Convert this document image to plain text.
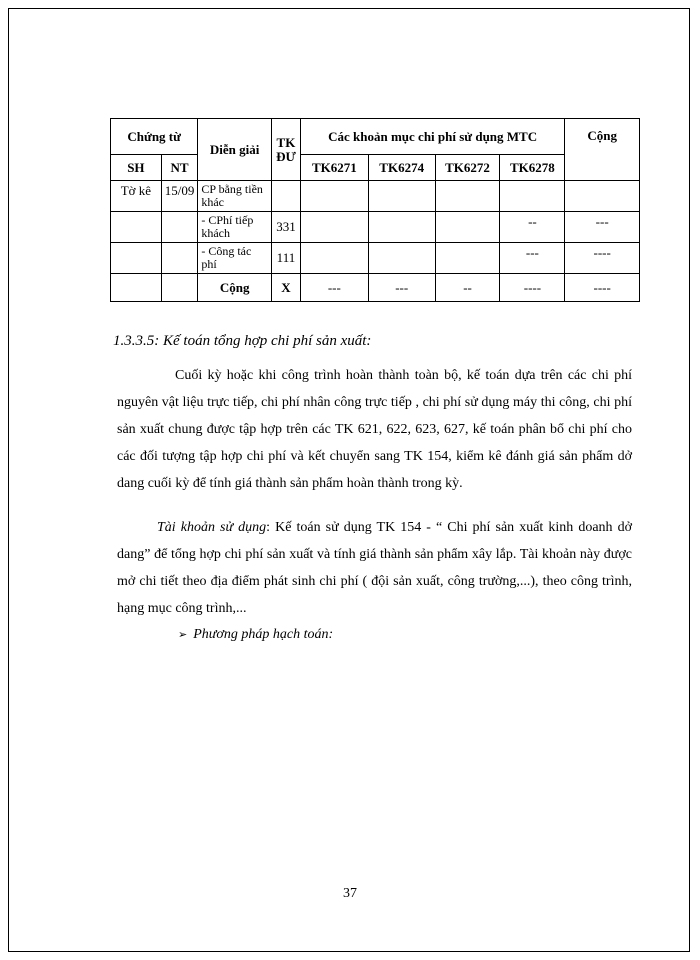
Chứng từ		Diễn giải	TK ĐƯ	Các khoản mục chi phí sử dụng MTC				Cộng
SH	NT			TK6271	TK6274	TK6272	TK6278	
Tờ kê	15/09	CP bằng tiền khác						
		- CPhí tiếp khách	331				--	---
		- Công tác phí	111				---	----
		Cộng	X	---	---	--	----	----
1.3.3.5: Kế toán tổng hợp chi phí sản xuất:

Cuối kỳ hoặc khi công trình hoàn thành toàn bộ, kế toán dựa trên các chi phí nguyên vật liệu trực tiếp, chi phí nhân công trực tiếp , chi phí sử dụng máy thi công, chi phí sản xuất chung được tập hợp trên các TK 621, 622, 623, 627, kế toán phân bổ chi phí cho các đối tượng tập hợp chi phí và kết chuyển sang TK 154, kiểm kê đánh giá sản phẩm dở dang cuối kỳ để tính giá thành sản phẩm hoàn thành trong kỳ.

Tài khoản sử dụng: Kế toán sử dụng TK 154 - “ Chi phí sản xuất kinh doanh dở dang” để tổng hợp chi phí sản xuất và tính giá thành sản phẩm xây lắp. Tài khoản này được mở chi tiết theo địa điểm phát sinh chi phí ( đội sản xuất, công trường,...), theo công trình, hạng mục công trình,...

➢ Phương pháp hạch toán:
37
